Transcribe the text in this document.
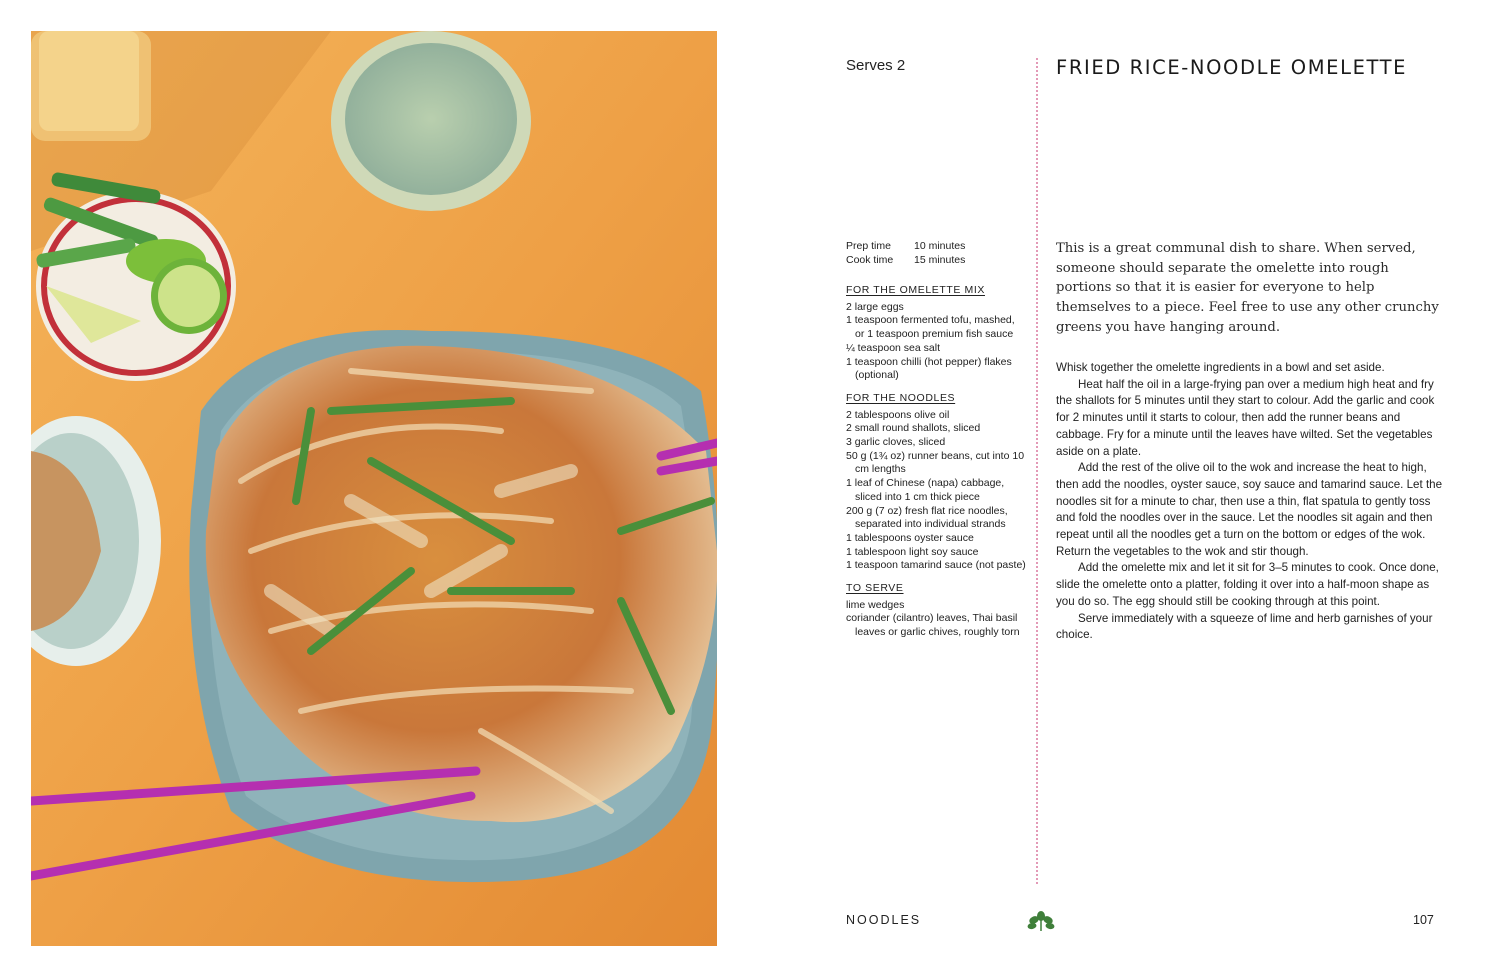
Serves 2
Prep time	10 minutes
Cook time	15 minutes
FOR THE OMELETTE MIX
2 large eggs
1 teaspoon fermented tofu, mashed, or 1 teaspoon premium fish sauce
¼ teaspoon sea salt
1 teaspoon chilli (hot pepper) flakes (optional)
FOR THE NOODLES
2 tablespoons olive oil
2 small round shallots, sliced
3 garlic cloves, sliced
50 g (1¾ oz) runner beans, cut into 10 cm lengths
1 leaf of Chinese (napa) cabbage, sliced into 1 cm thick piece
200 g (7 oz) fresh flat rice noodles, separated into individual strands
1 tablespoons oyster sauce
1 tablespoon light soy sauce
1 teaspoon tamarind sauce (not paste)
TO SERVE
lime wedges
coriander (cilantro) leaves, Thai basil leaves or garlic chives, roughly torn
FRIED RICE-NOODLE OMELETTE
This is a great communal dish to share. When served, someone should separate the omelette into rough portions so that it is easier for everyone to help themselves to a piece. Feel free to use any other crunchy greens you have hanging around.

Whisk together the omelette ingredients in a bowl and set aside.

Heat half the oil in a large-frying pan over a medium high heat and fry the shallots for 5 minutes until they start to colour. Add the garlic and cook for 2 minutes until it starts to colour, then add the runner beans and cabbage. Fry for a minute until the leaves have wilted. Set the vegetables aside on a plate.

Add the rest of the olive oil to the wok and increase the heat to high, then add the noodles, oyster sauce, soy sauce and tamarind sauce. Let the noodles sit for a minute to char, then use a thin, flat spatula to gently toss and fold the noodles over in the sauce. Let the noodles sit again and then repeat until all the noodles get a turn on the bottom or edges of the wok. Return the vegetables to the wok and stir though.

Add the omelette mix and let it sit for 3–5 minutes to cook. Once done, slide the omelette onto a platter, folding it over into a half-moon shape as you do so. The egg should still be cooking through at this point.

Serve immediately with a squeeze of lime and herb garnishes of your choice.

NOODLES	107
